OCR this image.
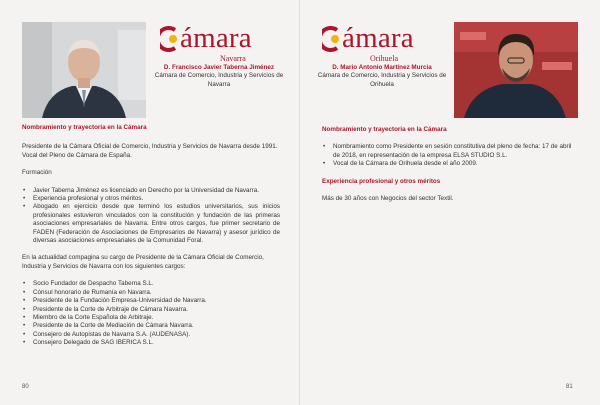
ámara
Navarra
D. Francisco Javier Taberna Jiménez
Cámara de Comercio, Industria y Servicios de Navarra
Nombramiento y trayectoria en la Cámara

Presidente de la Cámara Oficial de Comercio, Industria y Servicios de Navarra desde 1991.

Vocal del Pleno de Cámara de España.

Formación

• Javier Taberna Jiménez es licenciado en Derecho por la Universidad de Navarra.
• Experiencia profesional y otros méritos.
• Abogado en ejercicio desde que terminó los estudios universitarios, sus inicios profesionales estuvieron vinculados con la constitución y fundación de las primeras asociaciones empresariales de Navarra. Entre otros cargos, fue primer secretario de FADEN (Federación de Asociaciones de Empresarios de Navarra) y asesor jurídico de diversas asociaciones empresariales de la Comunidad Foral.

En la actualidad compagina su cargo de Presidente de la Cámara Oficial de Comercio, Industria y Servicios de Navarra con los siguientes cargos:

• Socio Fundador de Despacho Taberna S.L.
• Cónsul honorario de Rumanía en Navarra.
• Presidente de la Fundación Empresa-Universidad de Navarra.
• Presidente de la Corte de Arbitraje de Cámara Navarra.
• Miembro de la Corte Española de Arbitraje.
• Presidente de la Corte de Mediación de Cámara Navarra.
• Consejero de Autopistas de Navarra S.A. (AUDENASA).
• Consejero Delegado de SAG IBERICA S.L.
80
ámara
Orihuela
D. Mario Antonio Martínez Murcia
Cámara de Comercio, Industria y Servicios de Orihuela
Nombramiento y trayectoria en la Cámara
• Nombramiento como Presidente en sesión constitutiva del pleno de fecha: 17 de abril de 2018, en representación de la empresa ELSA STUDIO S.L.
• Vocal de la Cámara de Orihuela desde el año 2009.
Experiencia profesional y otros méritos

Más de 30 años con Negocios del sector Textil.

81
